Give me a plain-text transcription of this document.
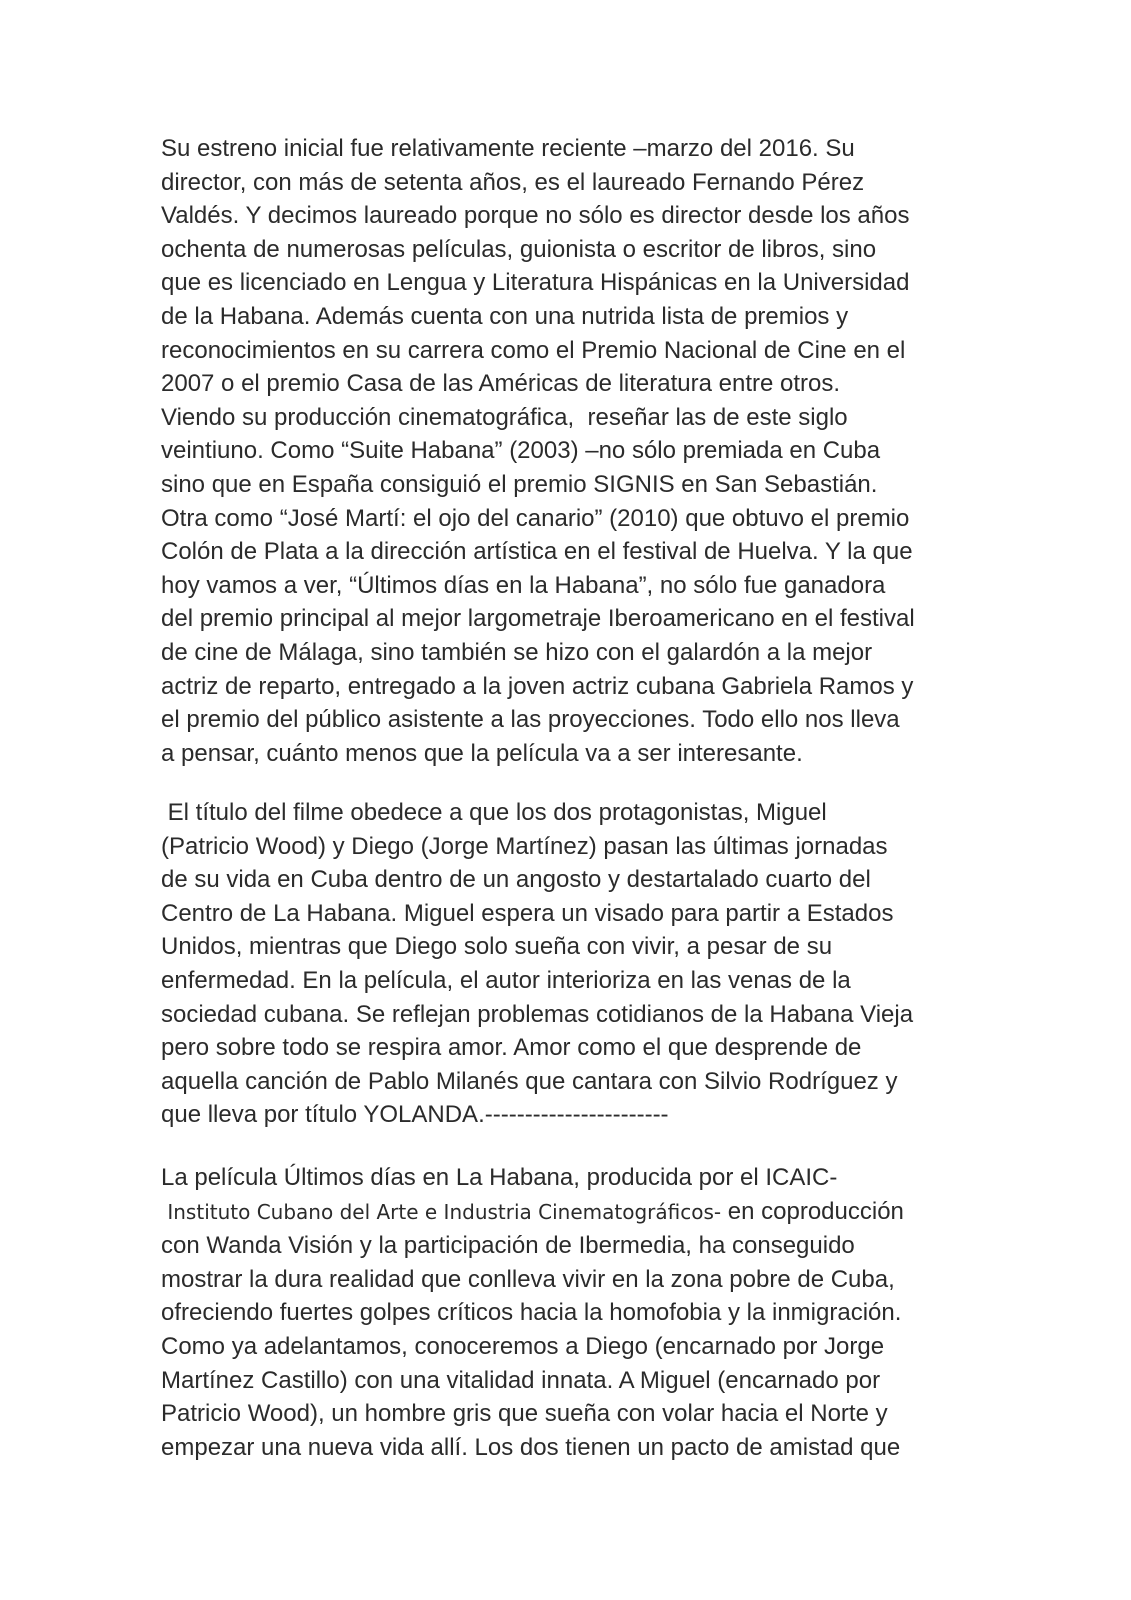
Su estreno inicial fue relativamente reciente –marzo del 2016. Su
director, con más de setenta años, es el laureado Fernando Pérez
Valdés. Y decimos laureado porque no sólo es director desde los años
ochenta de numerosas películas, guionista o escritor de libros, sino
que es licenciado en Lengua y Literatura Hispánicas en la Universidad
de la Habana. Además cuenta con una nutrida lista de premios y
reconocimientos en su carrera como el Premio Nacional de Cine en el
2007 o el premio Casa de las Américas de literatura entre otros.
Viendo su producción cinematográfica,  reseñar las de este siglo
veintiuno. Como “Suite Habana” (2003) –no sólo premiada en Cuba
sino que en España consiguió el premio SIGNIS en San Sebastián.
Otra como “José Martí: el ojo del canario” (2010) que obtuvo el premio
Colón de Plata a la dirección artística en el festival de Huelva. Y la que
hoy vamos a ver, “Últimos días en la Habana”, no sólo fue ganadora
del premio principal al mejor largometraje Iberoamericano en el festival
de cine de Málaga, sino también se hizo con el galardón a la mejor
actriz de reparto, entregado a la joven actriz cubana Gabriela Ramos y
el premio del público asistente a las proyecciones. Todo ello nos lleva
a pensar, cuánto menos que la película va a ser interesante.
El título del filme obedece a que los dos protagonistas, Miguel
(Patricio Wood) y Diego (Jorge Martínez) pasan las últimas jornadas
de su vida en Cuba dentro de un angosto y destartalado cuarto del
Centro de La Habana. Miguel espera un visado para partir a Estados
Unidos, mientras que Diego solo sueña con vivir, a pesar de su
enfermedad. En la película, el autor interioriza en las venas de la
sociedad cubana. Se reflejan problemas cotidianos de la Habana Vieja
pero sobre todo se respira amor. Amor como el que desprende de
aquella canción de Pablo Milanés que cantara con Silvio Rodríguez y
que lleva por título YOLANDA.-----------------------
La película Últimos días en La Habana, producida por el ICAIC-
Instituto Cubano del Arte e Industria Cinematográficos- en coproducción
con Wanda Visión y la participación de Ibermedia, ha conseguido
mostrar la dura realidad que conlleva vivir en la zona pobre de Cuba,
ofreciendo fuertes golpes críticos hacia la homofobia y la inmigración.
Como ya adelantamos, conoceremos a Diego (encarnado por Jorge
Martínez Castillo) con una vitalidad innata. A Miguel (encarnado por
Patricio Wood), un hombre gris que sueña con volar hacia el Norte y
empezar una nueva vida allí. Los dos tienen un pacto de amistad que
